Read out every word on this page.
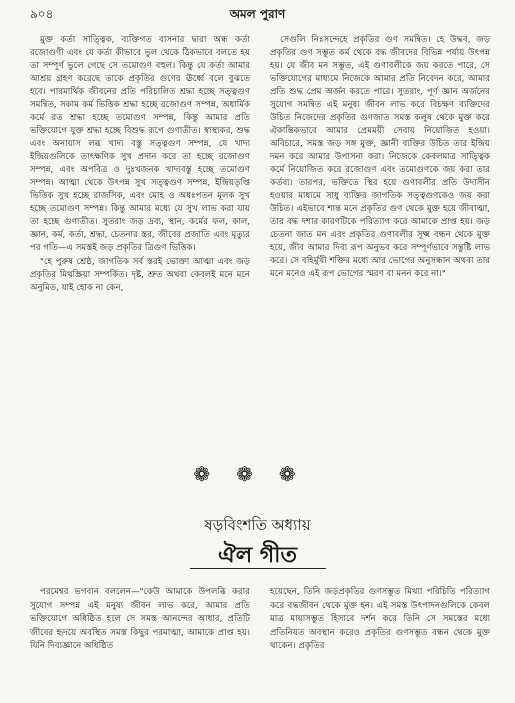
৯০৪	অমল পুরাণ

মুক্ত কর্তা সাত্ত্বিক, ব্যক্তিগত বাসনার দ্বারা অন্ধ কর্তা রজোগুণী এবং যে কর্তা কীভাবে ভুল থেকে ঠিকভাবে বলতে হয় তা সম্পূর্ণ ভুলে গেছে সে তমোগুণ বহুল। কিন্তু যে কর্তা আমার আশ্রয় গ্রহণ করেছে তাকে প্রকৃতির গুণের ঊর্ধ্বে বলে বুঝতে হবে। পারমার্থিক জীবনের প্রতি পরিচালিত শ্রদ্ধা হচ্ছে সত্ত্বগুণ সমন্বিত, সকাম কর্ম ভিত্তিক শ্রদ্ধা হচ্ছে রজোগুণ সম্পন্ন, অধার্মিক কর্মে রত শ্রদ্ধা হচ্ছে তমোগুণ সম্পন্ন, কিন্তু আমার প্রতি ভক্তিযোগে যুক্ত শ্রদ্ধা হচ্ছে বিশুদ্ধ রূপে গুণাতীত। স্বাস্থ্যকর, শুদ্ধ এবং অনায়াস লব্ধ খাদ্য বস্তু সত্ত্বগুণ সম্পন্ন, যে খাদ্য ইন্দ্রিয়গুলিকে তাৎক্ষণিক সুখ প্রদান করে তা হচ্ছে রজোগুণ সম্পন্ন, এবং অপবিত্র ও দুঃখজনক খাদ্যবস্তু হচ্ছে তমোগুণ সম্পন্ন। আত্মা থেকে উৎপন্ন সুখ সত্ত্বগুণ সম্পন্ন, ইন্দ্রিয়তৃপ্তি ভিত্তিক সুখ হচ্ছে রাজসিক, এবং মোহ ও অধঃপতন মূলক সুখ হচ্ছে তমোগুণ সম্পন্ন। কিন্তু আমার মধ্যে যে সুখ লাভ করা যায় তা হচ্ছে গুণাতীত। সুতরাং জড় দ্রব্য, স্থান, কর্মের ফল, কাল, জ্ঞান, কর্ম, কর্তা, শ্রদ্ধা, চেতনার স্তর, জীবের প্রজাতি এবং মৃত্যুর পর গতি—এ সমস্তই জড় প্রকৃতির ত্রিগুণ ভিত্তিক।

"হে পুরুষ শ্রেষ্ঠ, জাগতিক সর্ব স্তরই ভোক্তা আত্মা এবং জড় প্রকৃতির মিথস্ক্রিয়া সম্পর্কিত। দৃষ্ট, শ্রুত অথবা কেবলই মনে মনে অনুমিত, যাই হোক না কেন,

সেগুলি নিঃসন্দেহে প্রকৃতির গুণ সমন্বিত। হে উদ্ধব, জড় প্রকৃতির গুণ সম্ভূত কর্ম থেকে বদ্ধ জীবদের বিভিন্ন পর্যায় উৎপন্ন হয়। যে জীব মন সম্ভূত, এই গুণাবলীকে জয় করতে পারে, সে ভক্তিযোগের মাধ্যমে নিজেকে আমার প্রতি নিবেদন করে, আমার প্রতি শুদ্ধ প্রেম অর্জন করতে পারে। সুতরাং, পূর্ণ জ্ঞান অর্জনের সুযোগ সমন্বিত এই মনুষ্য জীবন লাভ করে বিচক্ষণ ব্যক্তিদের উচিত নিজেদের প্রকৃতির গুণজাত সমস্ত কলুষ থেকে মুক্ত করে ঐকান্তিকভাবে আমার প্রেমময়ী সেবায় নিয়োজিত হওয়া। অবিচারে, সমস্ত জড় সঙ্গ মুক্ত, জ্ঞানী ব্যক্তির উচিত তার ইন্দ্রিয় দমন করে আমার উপাসনা করা। নিজেকে কেবলমাত্র সাত্ত্বিক কর্মে নিয়োজিত করে রজোগুণ এবং তমোগুণকে জয় করা তার কর্তব্য। তারপর, ভক্তিতে স্থির হয়ে গুণাবলীর প্রতি উদাসীন হওয়ার মাধ্যমে সাধু ব্যক্তির জাগতিক সত্ত্বগুণকেও জয় করা উচিত। এইভাবে শান্ত মনে প্রকৃতির গুণ থেকে মুক্ত হয়ে জীবাত্মা, তার বদ্ধ দশার কারণটিকে পরিত্যাগ করে আমাকে প্রাপ্ত হয়। জড় চেতনা জাত মন এবং প্রকৃতির গুণাবলীর সূক্ষ্ম বন্ধন থেকে মুক্ত হয়ে, জীব আমার দিব্য রূপ অনুভব করে সম্পূর্ণভাবে সন্তুষ্টি লাভ করে। সে বহির্মুখী শক্তির মধ্যে আর ভোগের অনুসন্ধান অথবা তার মনে মনেও এই রূপ ভোগের স্মরণ বা মনন করে না।"

❁❁❁
ষড়বিংশতি অধ্যায়
ঐল গীত

পরমেশ্বর ভগবান বললেন—"কেউ আমাকে উপলব্ধি করার সুযোগ সম্পন্ন এই মনুষ্য জীবন লাভ করে, আমার প্রতি ভক্তিযোগে অধিষ্ঠিত হলে সে সমস্ত আনন্দের আধার, প্রতিটি জীবের হৃদয়ে অবস্থিত সমস্ত কিছুর পরমাত্মা, আমাকে প্রাপ্ত হয়। যিনি দিব্যজ্ঞানে অধিষ্ঠিত

হয়েছেন, তিনি জড়প্রকৃতির গুণসম্ভূত মিথ্যা পরিচিতি পরিত্যাগ করে বদ্ধজীবন থেকে মুক্ত হন। এই সমস্ত উৎপাদনগুলিকে কেবল মাত্র মায়াসম্ভূত হিসাবে দর্শন করে তিনি সে সমস্তের মধ্যে প্রতিনিয়ত অবস্থান করেও প্রকৃতির গুণসম্ভূত বন্ধন থেকে মুক্ত থাকেন। প্রকৃতির
